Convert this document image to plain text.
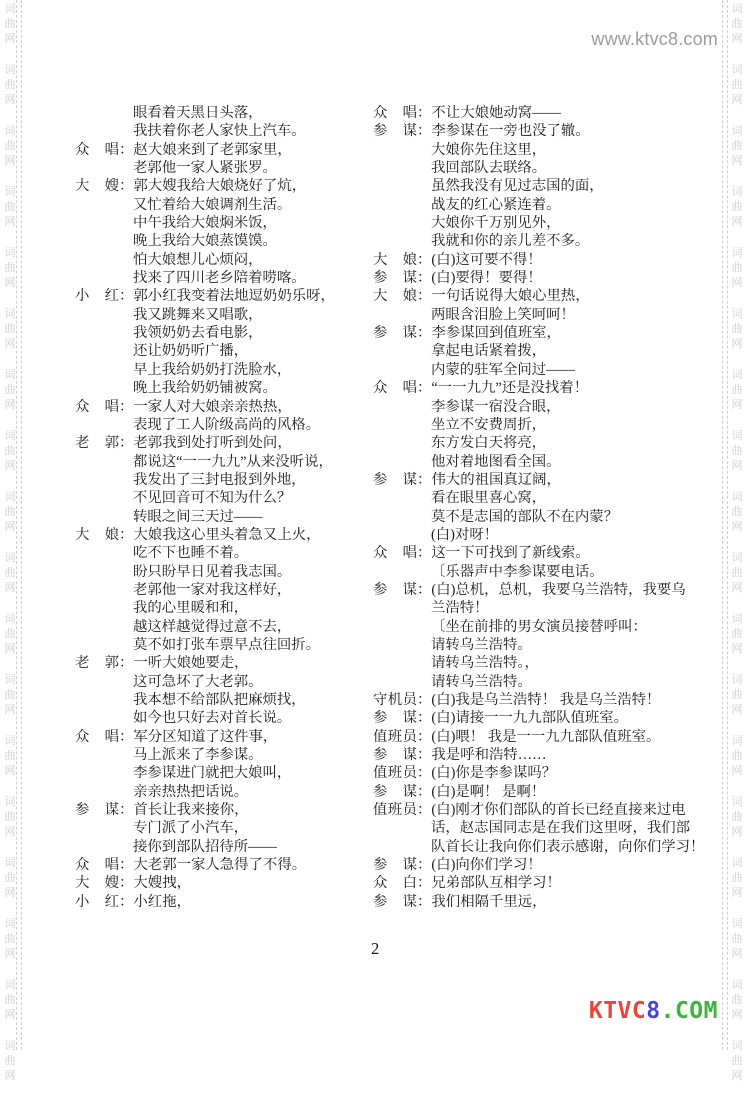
词
曲
网
词
曲
网
词
曲
网
词
曲
网
词
曲
网
词
曲
网
词
曲
网
词
曲
网
词
曲
网
词
曲
网
词
曲
网
词
曲
网
词
曲
网
词
曲
网
词
曲
网
词
曲
网
词
曲
网
词
曲
网
词
曲
网
词
曲
网
词
曲
网
词
曲
网
词
曲
网
词
曲
网
词
曲
网
词
曲
网
词
曲
网
词
曲
网
词
曲
网
词
曲
网
词
曲
网
词
曲
网
词
曲
网
词
曲
网
词
曲
网
词
曲
网
www.ktvc8.com
眼看着天黑日头落，
我扶着你老人家快上汽车。
众 唱 ：赵大娘来到了老郭家里，
老郭他一家人紧张罗。
大 嫂 ：郭大嫂我给大娘烧好了炕，
又忙着给大娘调剂生活。
中午我给大娘焖米饭，
晚上我给大娘蒸馍馍。
怕大娘想儿心烦闷，
找来了四川老乡陪着唠喀。
小 红 ：郭小红我变着法地逗奶奶乐呀，
我又跳舞来又唱歌，
我领奶奶去看电影，
还让奶奶听广播，
早上我给奶奶打洗脸水，
晚上我给奶奶铺被窝。
众 唱 ：一家人对大娘亲亲热热，
表现了工人阶级高尚的风格。
老 郭 ：老郭我到处打听到处问，
都说这“一一九九”从来没听说，
我发出了三封电报到外地，
不见回音可不知为什么？
转眼之间三天过——
大 娘 ：大娘我这心里头着急又上火，
吃不下也睡不着。
盼只盼早日见着我志国。
老郭他一家对我这样好，
我的心里暖和和，
越这样越觉得过意不去，
莫不如打张车票早点往回折。
老 郭 ：一听大娘她要走，
这可急坏了大老郭。
我本想不给部队把麻烦找，
如今也只好去对首长说。
众 唱 ：军分区知道了这件事，
马上派来了李参谋。
李参谋进门就把大娘叫，
亲亲热热把话说。
参 谋 ：首长让我来接你，
专门派了小汽车，
接你到部队招待所——
众 唱 ：大老郭一家人急得了不得。
大 嫂 ：大嫂拽，
小 红 ：小红拖，
众 唱 ：不让大娘她动窝——
参 谋 ：李参谋在一旁也没了辙。
大娘你先住这里，
我回部队去联络。
虽然我没有见过志国的面，
战友的红心紧连着。
大娘你千万别见外，
我就和你的亲儿差不多。
大 娘 ：(白)这可要不得！
参 谋 ：(白)要得！要得！
大 娘 ：一句话说得大娘心里热，
两眼含泪脸上笑呵呵！
参 谋 ：李参谋回到值班室，
拿起电话紧着拨，
内蒙的驻军全问过——
众 唱 ：“一一九九”还是没找着！
李参谋一宿没合眼，
坐立不安费周折，
东方发白天将亮，
他对着地图看全国。
参 谋 ：伟大的祖国真辽阔，
看在眼里喜心窝，
莫不是志国的部队不在内蒙？
(白)对呀！
众 唱 ：这一下可找到了新线索。
〔乐器声中李参谋要电话。
参 谋 ：(白)总机，总机，我要乌兰浩特，我要乌
兰浩特！
〔坐在前排的男女演员接替呼叫：
请转乌兰浩特。
请转乌兰浩特。，
请转乌兰浩特。
守 机 员 ：(白)我是乌兰浩特！ 我是乌兰浩特！
参 谋 ：(白)请接一一九九部队值班室。
值 班 员 ：(白)喂！ 我是一一九九部队值班室。
参 谋 ：我是呼和浩特……
值 班 员 ：(白)你是李参谋吗？
参 谋 ：(白)是啊！ 是啊！
值 班 员 ：(白)刚才你们部队的首长已经直接来过电
话，赵志国同志是在我们这里呀，我们部
队首长让我向你们表示感谢，向你们学习！
参 谋 ：(白)向你们学习！
众 白 ：兄弟部队互相学习！
参 谋 ：我们相隔千里远，
2
KTVC8.COM
